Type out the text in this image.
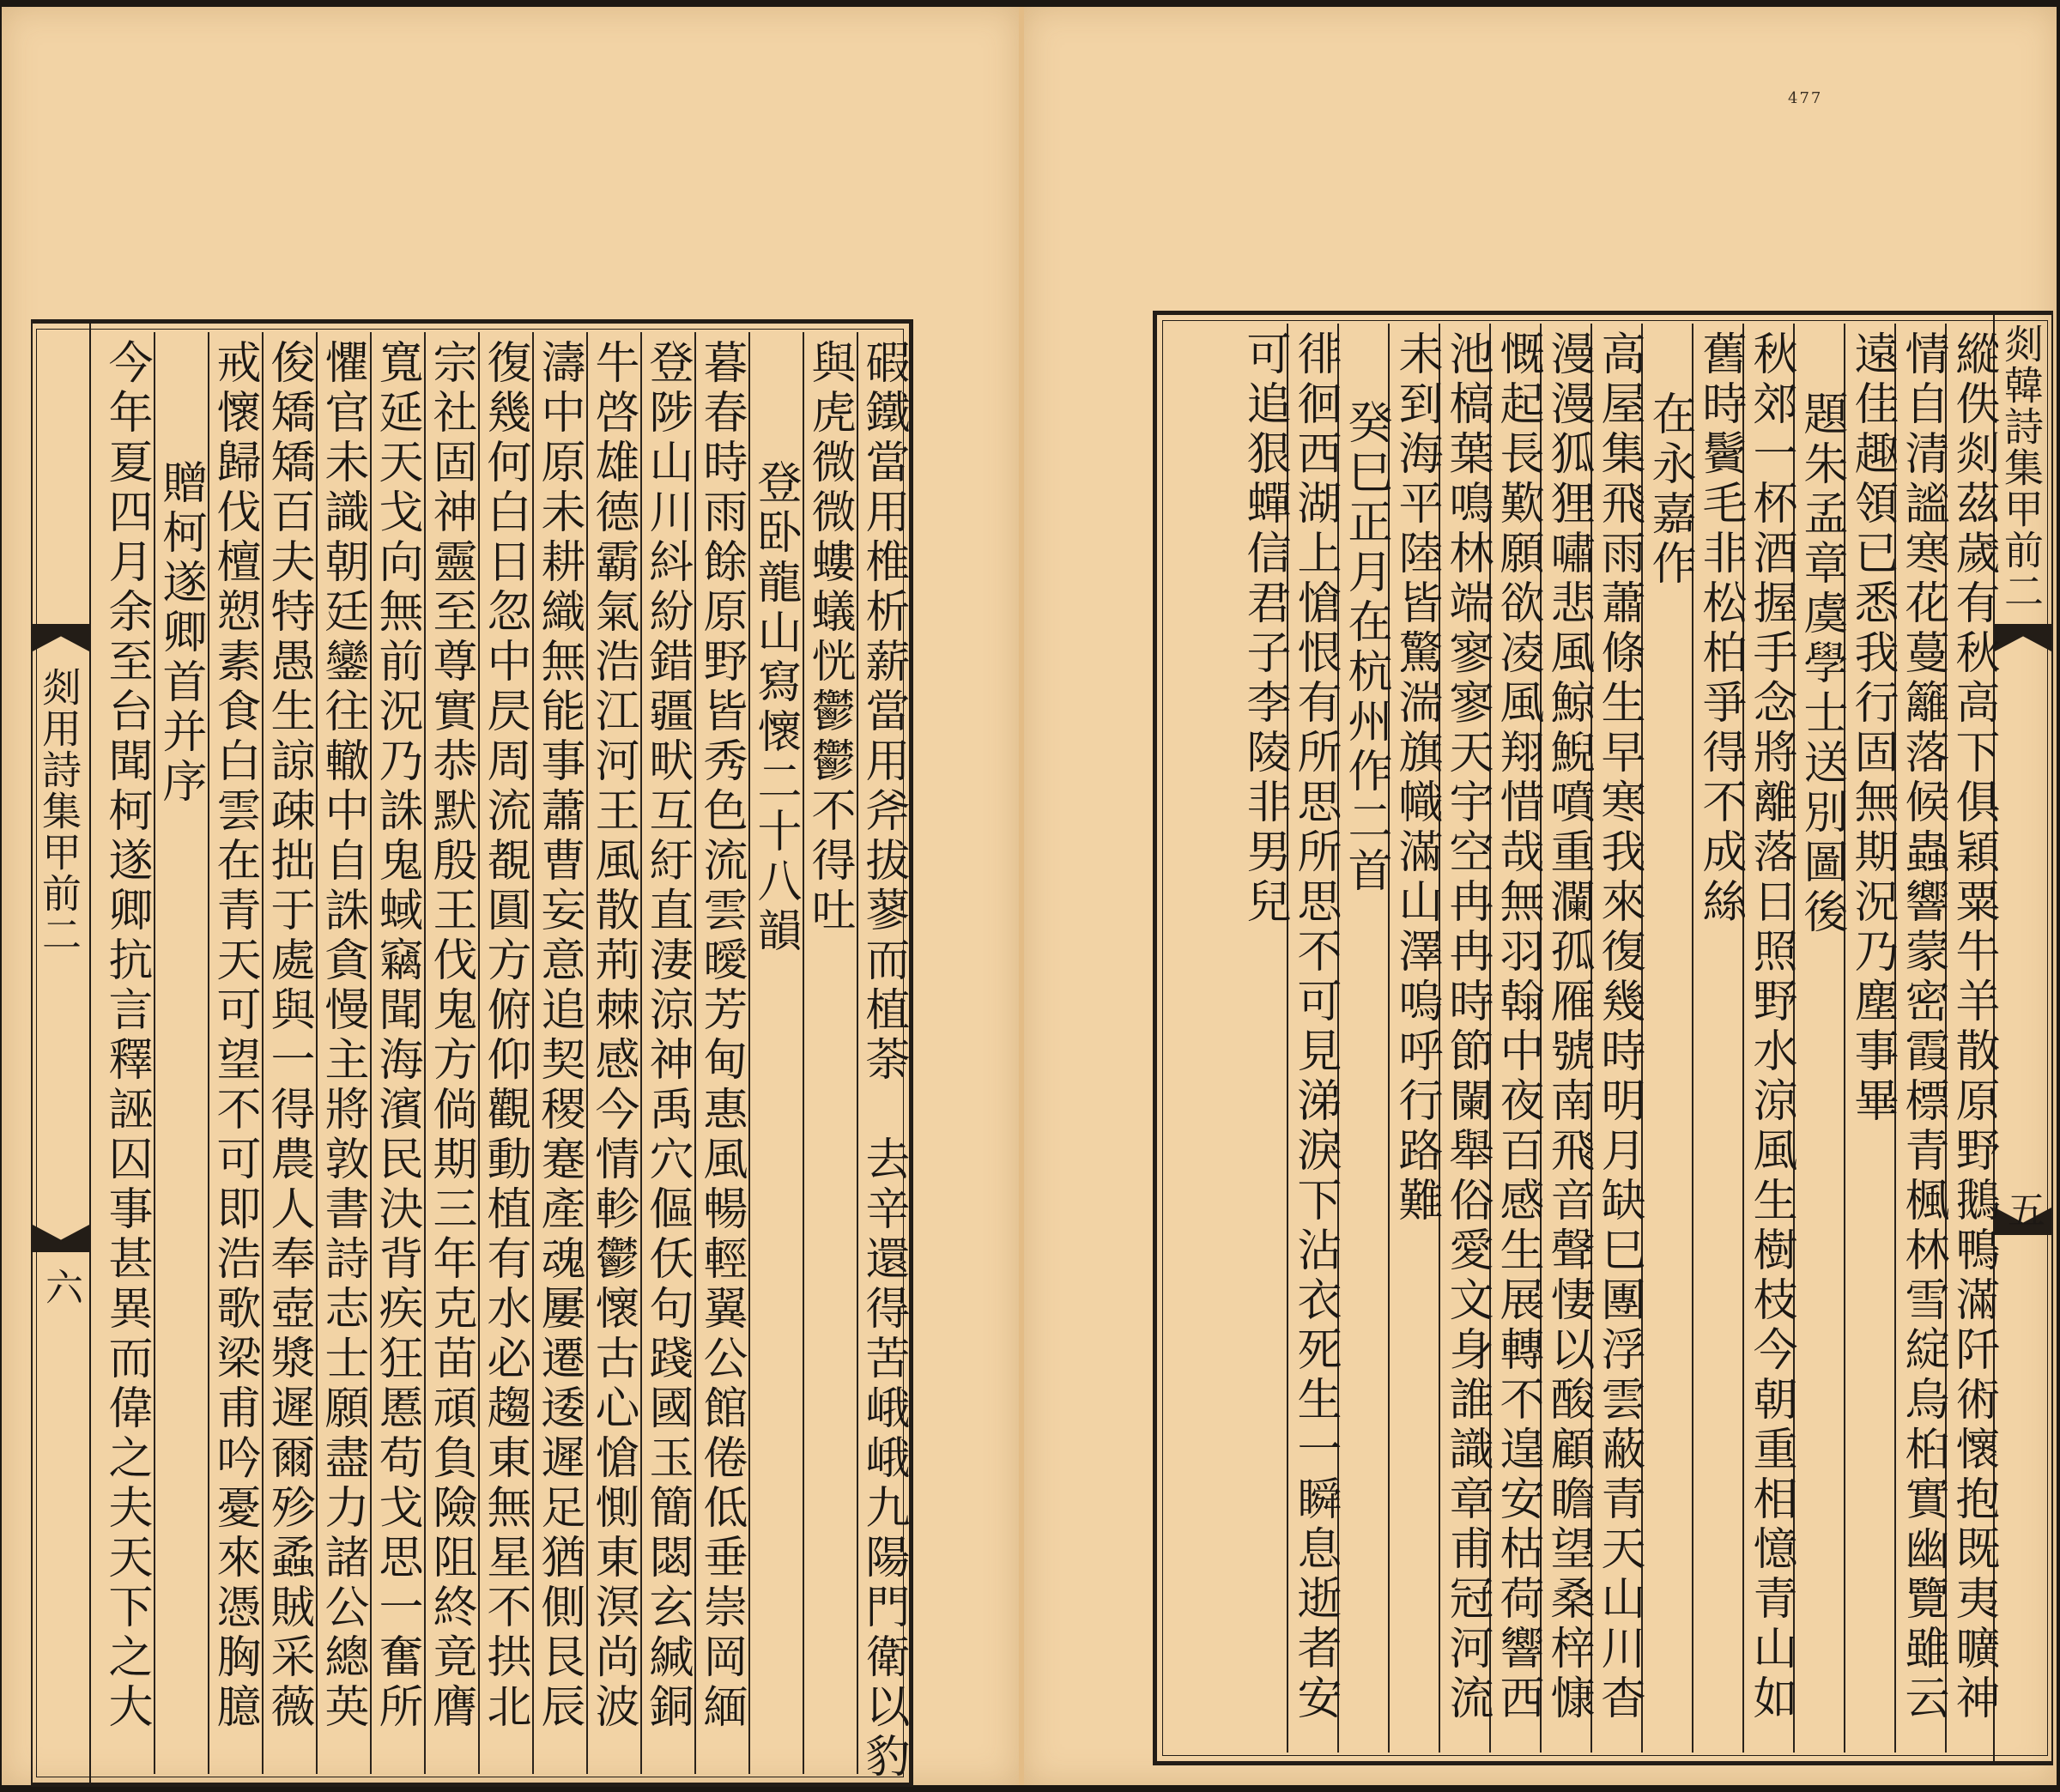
477
剡用詩集甲前二
六 今年夏四月余至台聞柯遂卿抗言釋誣囚事甚異而偉之夫天下之大 贈柯遂卿首并序 戒懷歸伐檀愬素食白雲在青天可望不可即浩歌梁甫吟憂來憑胸臆 俊矯矯百夫特愚生諒疎拙于處與一得農人奉壺漿遲爾殄蟊賊采薇 懼官未識朝廷鑾往轍中自誅貪慢主將敦書詩志士願盡力諸公總英 寬延天戈向無前況乃誅鬼蜮竊聞海濱民決背疾狂慝苟戈思一奮所 宗社固神靈至尊實恭默殷王伐鬼方倘期三年克苗頑負險阻終竟膺 復幾何白日忽中昃周流覩圓方俯仰觀動植有水必趨東無星不拱北 濤中原未耕織無能事蕭曹妄意追契稷蹇產魂屢遷逶遲足猶側艮辰 牛啓雄德霸氣浩江河王風散荊棘感今情軫鬱懷古心愴惻東溟尚波 登陟山川紏紛錯疆畎互紆直淒涼神禹穴傴仸句踐國玉簡閟玄緘銅 暮春時雨餘原野皆秀色流雲曖芳甸惠風暢輕翼公館倦低垂崇岡緬 登卧龍山寫懷二十八韻 與虎微微螻蟻恍鬱鬱不得吐 碬鐵當用椎析薪當用斧拔蓼而植荼　去辛還得苦峨峨九陽門衛以豹	剡韓詩集甲前二
五
縱佚剡茲歲有秋高下俱穎粟牛羊散原野鵝鴨滿阡術懷抱既夷曠神
情自清謐寒花蔓籬落候蟲響蒙密霞標青楓林雪綻烏桕實幽覽雖云
遠佳趣領已悉我行固無期況乃塵事畢
題朱孟章虞學士送別圖後
秋郊一杯酒握手念將離落日照野水涼風生樹枝今朝重相憶青山如
舊時鬢毛非松柏爭得不成絲
在永嘉作
高屋集飛雨蕭條生早寒我來復幾時明月缺巳團浮雲蔽青天山川杳
漫漫狐狸嘯悲風鯨鯢噴重瀾孤雁號南飛音聲悽以酸顧瞻望桑梓慷
慨起長歎願欲凌風翔惜哉無羽翰中夜百感生展轉不遑安枯荷響西
池槁葉鳴林端寥寥天宇空冉冉時節闌舉俗愛文身誰識章甫冠河流
未到海平陸皆驚湍旗幟滿山澤嗚呼行路難
癸巳正月在杭州作二首
徘徊西湖上愴恨有所思所思不可見涕淚下沾衣死生一瞬息逝者安
可追狠蟬信君子李陵非男兒
